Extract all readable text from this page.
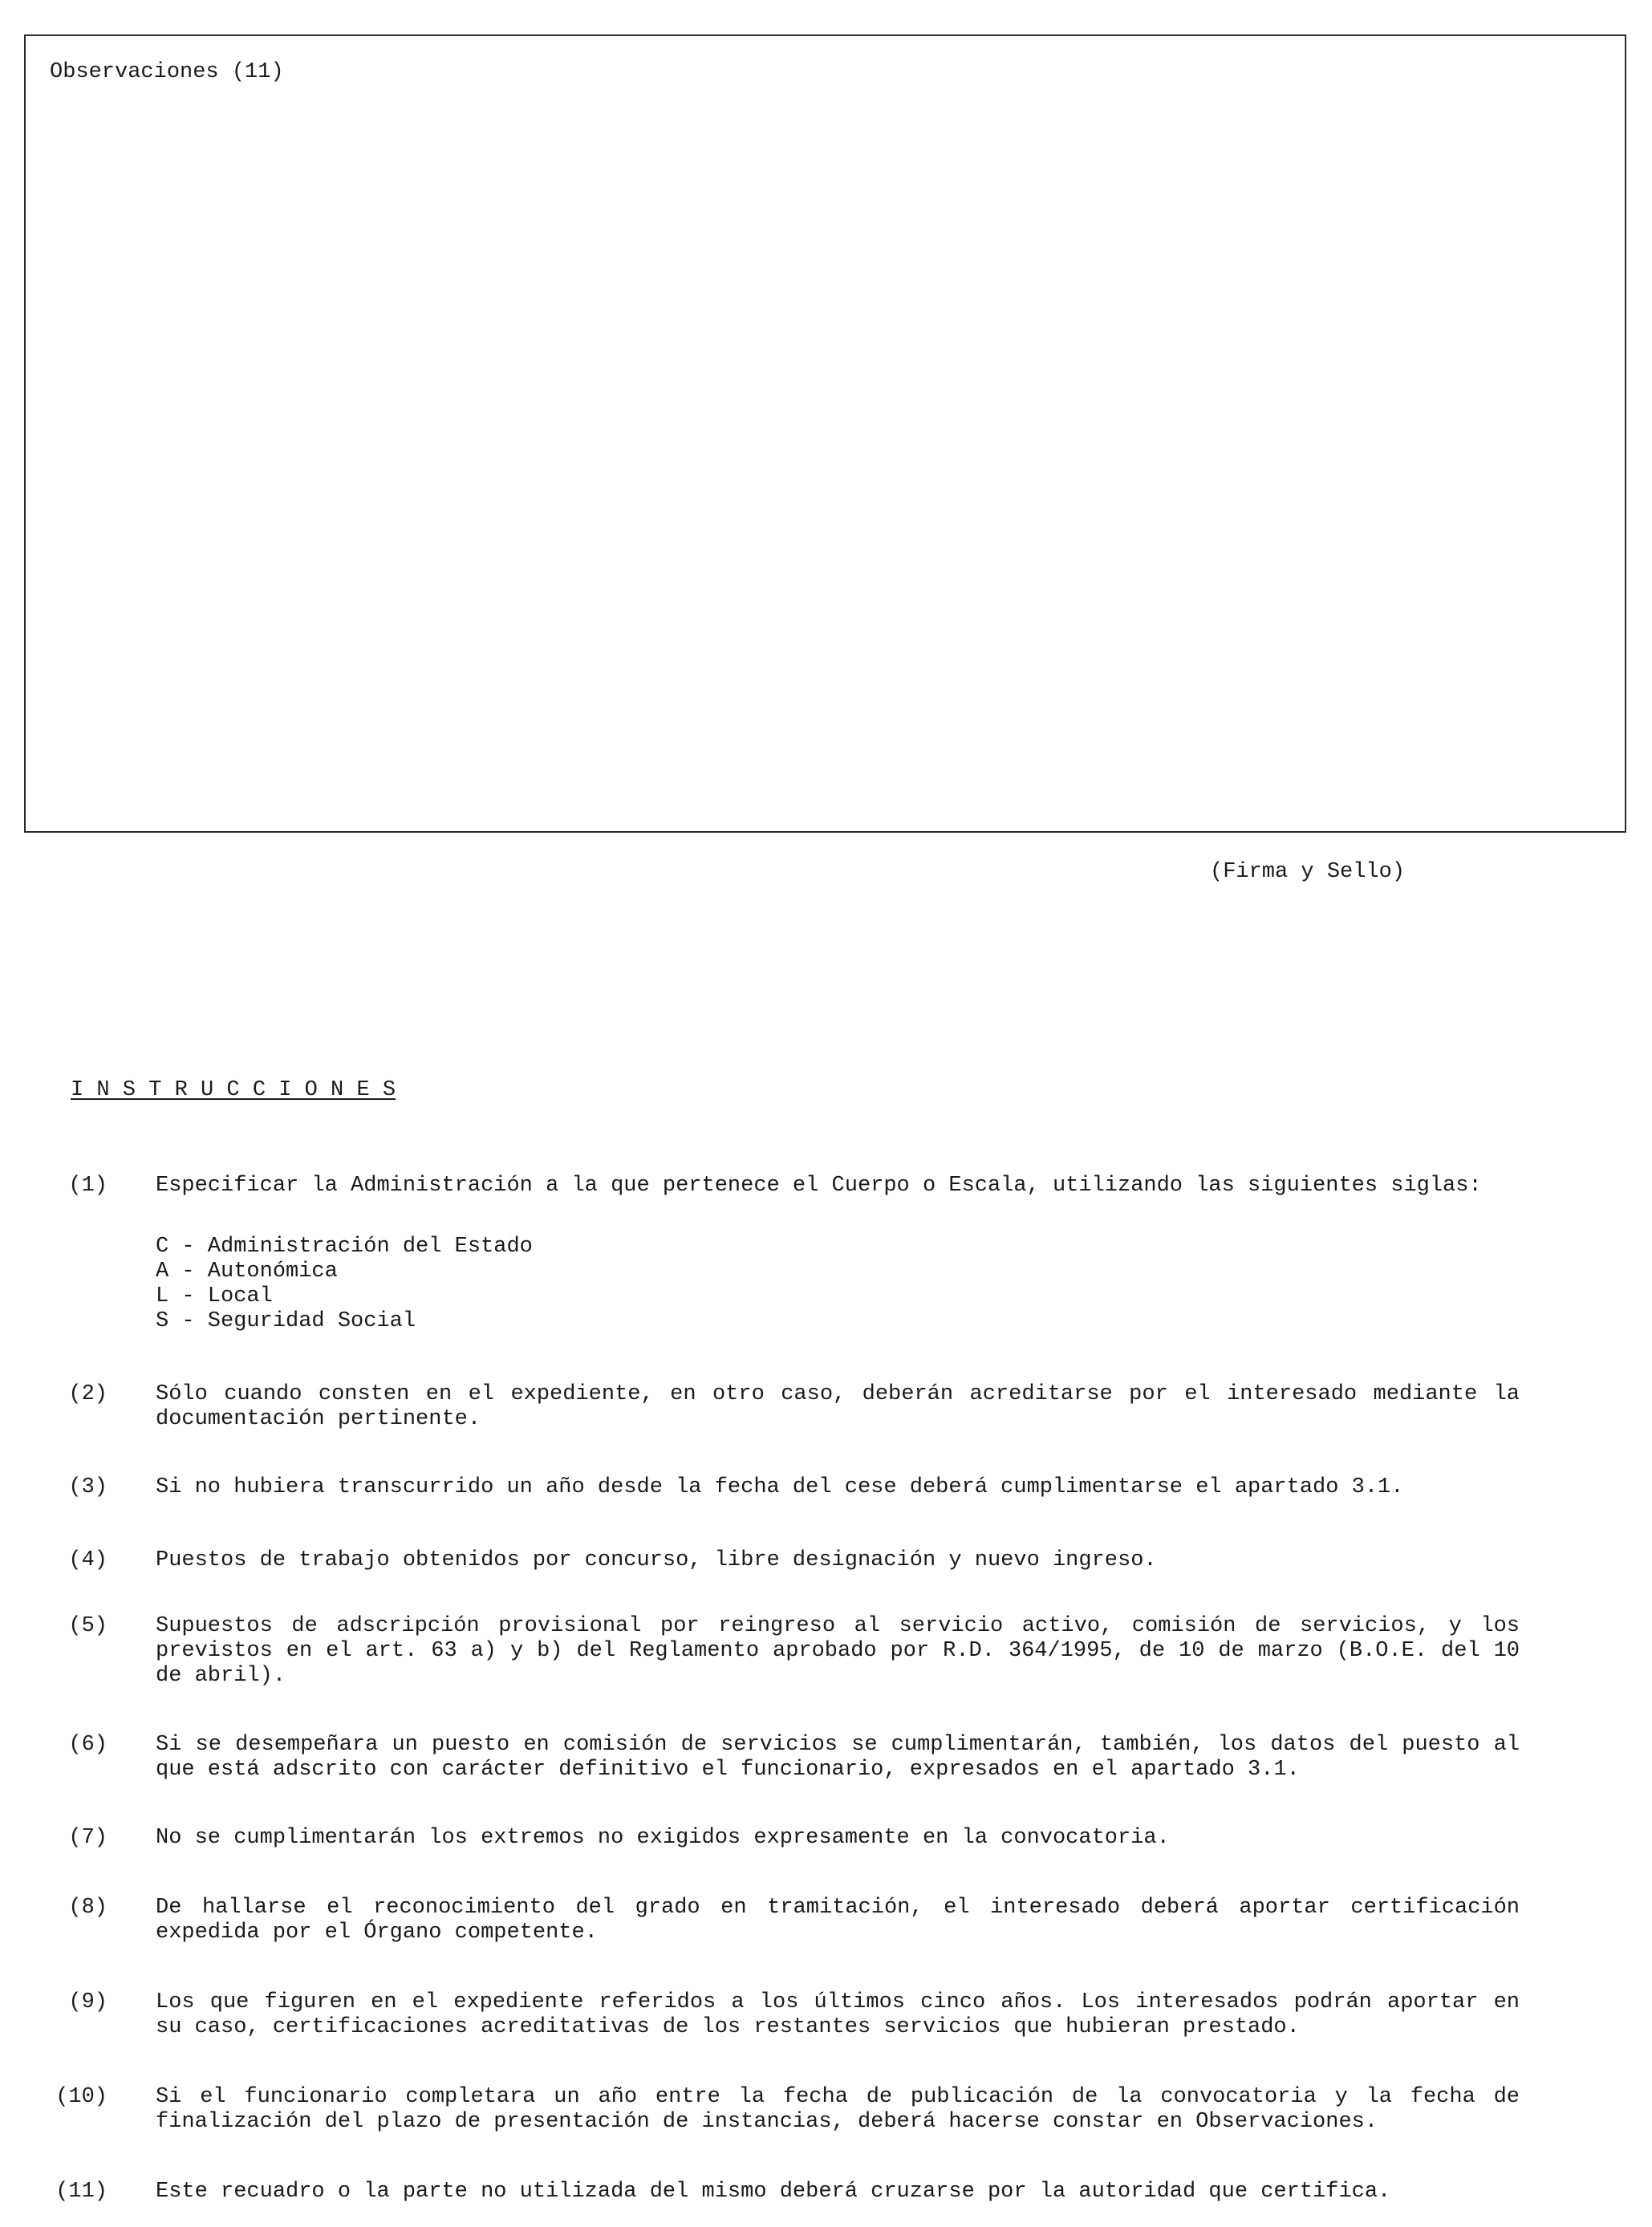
Observaciones (11)
(Firma y Sello)
I N S T R U C C I O N E S
(1) Especificar la Administración a la que pertenece el Cuerpo o Escala, utilizando las siguientes siglas:
C - Administración del Estado
A - Autonómica
L - Local
S - Seguridad Social
(2) Sólo cuando consten en el expediente, en otro caso, deberán acreditarse por el interesado mediante la documentación pertinente.
(3) Si no hubiera transcurrido un año desde la fecha del cese deberá cumplimentarse el apartado 3.1.
(4) Puestos de trabajo obtenidos por concurso, libre designación y nuevo ingreso.
(5) Supuestos de adscripción provisional por reingreso al servicio activo, comisión de servicios, y los previstos en el art. 63 a) y b) del Reglamento aprobado por R.D. 364/1995, de 10 de marzo (B.O.E. del 10 de abril).
(6) Si se desempeñara un puesto en comisión de servicios se cumplimentarán, también, los datos del puesto al que está adscrito con carácter definitivo el funcionario, expresados en el apartado 3.1.
(7) No se cumplimentarán los extremos no exigidos expresamente en la convocatoria.
(8) De hallarse el reconocimiento del grado en tramitación, el interesado deberá aportar certificación expedida por el Órgano competente.
(9) Los que figuren en el expediente referidos a los últimos cinco años. Los interesados podrán aportar en su caso, certificaciones acreditativas de los restantes servicios que hubieran prestado.
(10) Si el funcionario completara un año entre la fecha de publicación de la convocatoria y la fecha de finalización del plazo de presentación de instancias, deberá hacerse constar en Observaciones.
(11) Este recuadro o la parte no utilizada del mismo deberá cruzarse por la autoridad que certifica.
